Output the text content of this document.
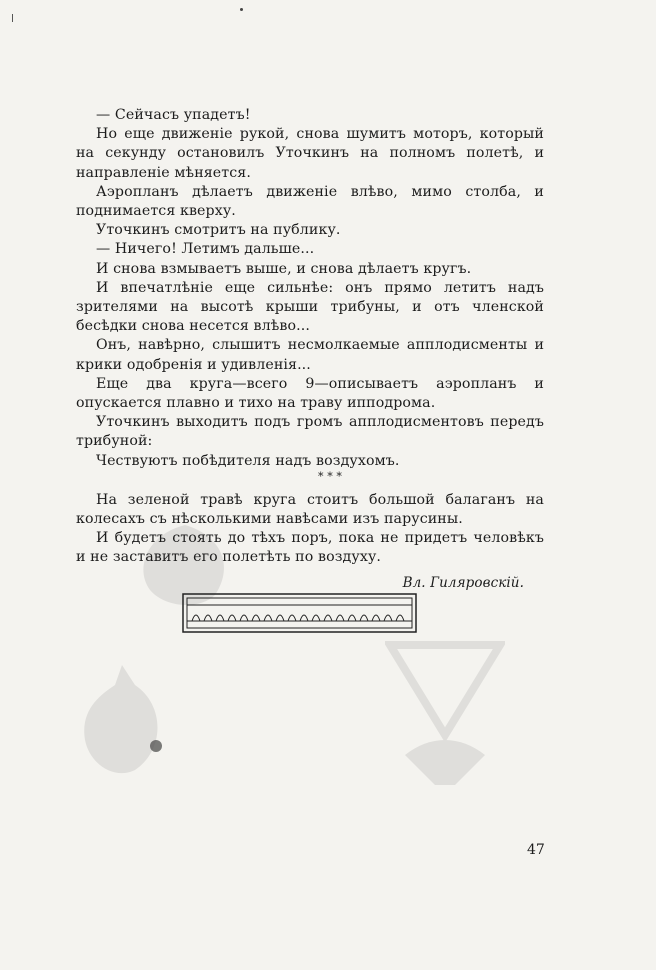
— Сейчасъ упадетъ!

Но еще движеніе рукой, снова шумитъ моторъ, который на секунду остановилъ Уточкинъ на полномъ полетѣ, и направленіе мѣняется.

Аэропланъ дѣлаетъ движеніе влѣво, мимо столба, и поднимается кверху.

Уточкинъ смотритъ на публику.

— Ничего! Летимъ дальше...

И снова взмываетъ выше, и снова дѣлаетъ кругъ.

И впечатлѣніе еще сильнѣе: онъ прямо летитъ надъ зрителями на высотѣ крыши трибуны, и отъ членской бесѣдки снова несется влѣво...

Онъ, навѣрно, слышитъ несмолкаемые апплодисменты и крики одобренія и удивленія...

Еще два круга—всего 9—описываетъ аэропланъ и опускается плавно и тихо на траву ипподрома.

Уточкинъ выходитъ подъ громъ апплодисментовъ передъ трибуной:

Чествуютъ побѣдителя надъ воздухомъ.

* * *

На зеленой травѣ круга стоитъ большой балаганъ на колесахъ съ нѣсколькими навѣсами изъ парусины.

И будетъ стоять до тѣхъ поръ, пока не придетъ человѣкъ и не заставитъ его полетѣть по воздуху.

Вл. Гиляровскій.
47
